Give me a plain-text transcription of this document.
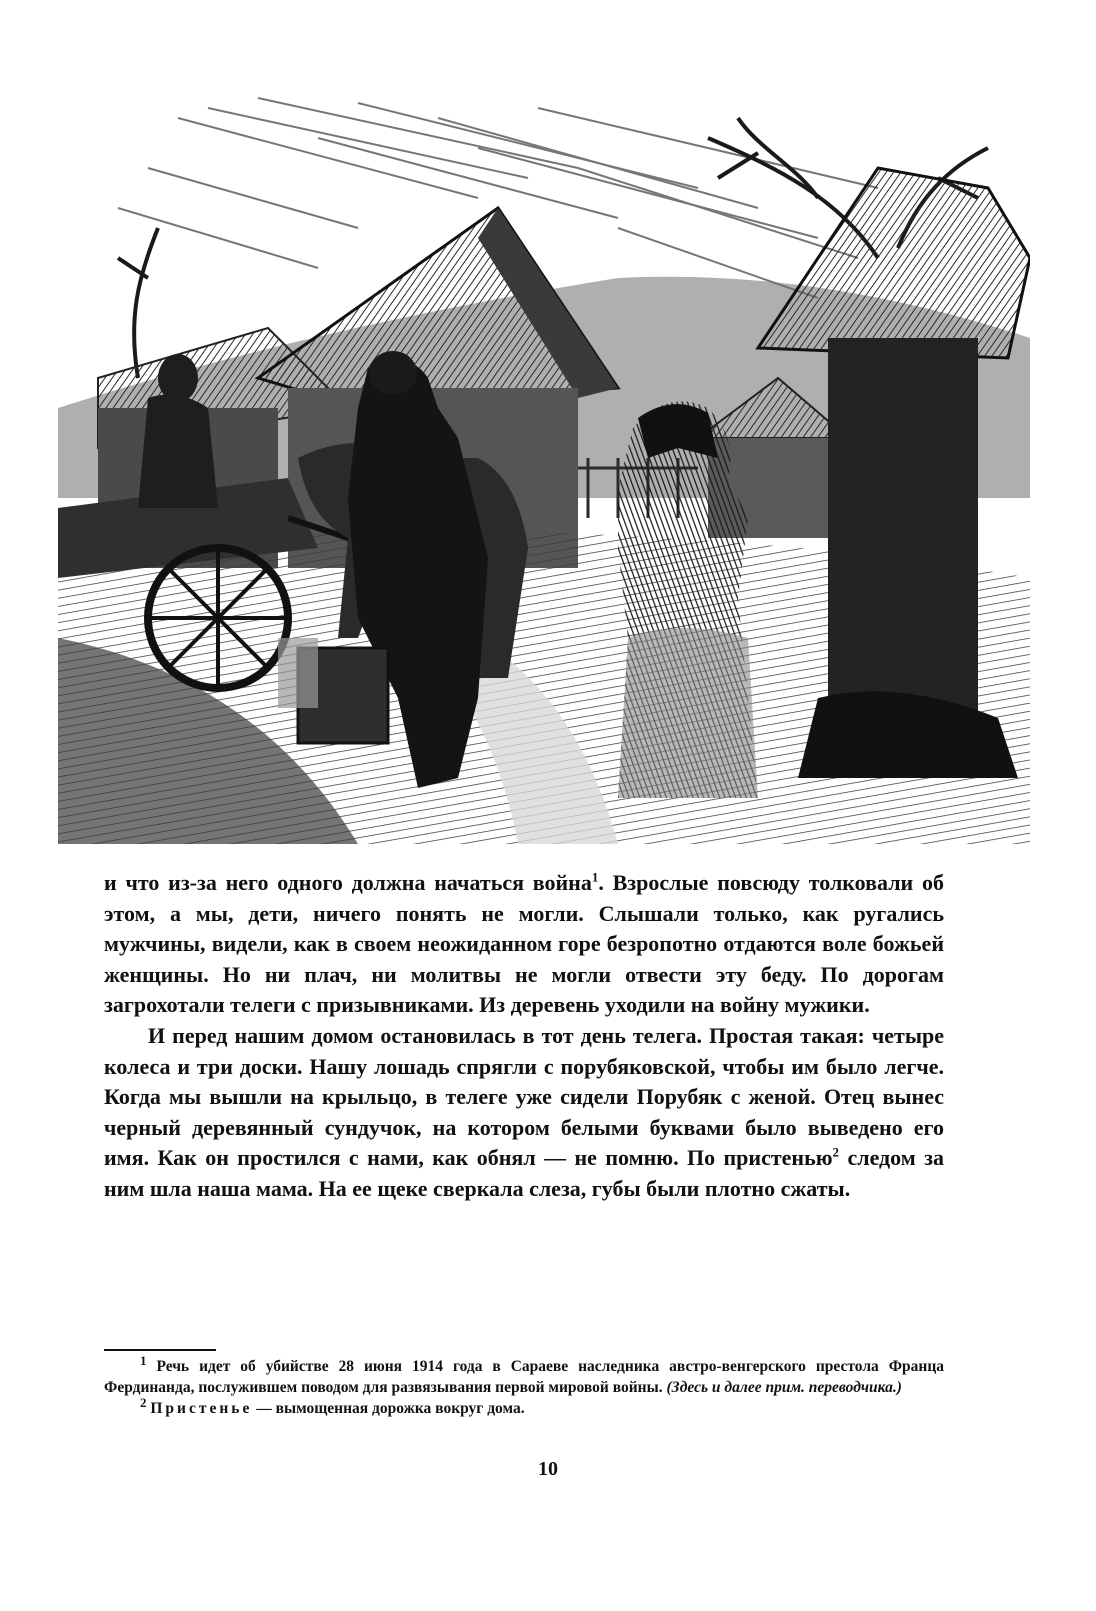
и что из-за него одного должна начаться война$^1$. Взрослые повсюду толковали об этом, а мы, дети, ничего понять не могли. Слышали только, как ругались мужчины, видели, как в своем неожиданном горе безропотно отдаются воле божьей женщины. Но ни плач, ни молитвы не могли отвести эту беду. По дорогам загрохотали телеги с призывниками. Из деревень уходили на войну мужики.

И перед нашим домом остановилась в тот день телега. Простая такая: четыре колеса и три доски. Нашу лошадь спрягли с порубяковской, чтобы им было легче. Когда мы вышли на крыльцо, в телеге уже сидели Порубяк с женой. Отец вынес черный деревянный сундучок, на котором белыми буквами было выведено его имя. Как он простился с нами, как обнял — не помню. По пристенью$^2$ следом за ним шла наша мама. На ее щеке сверкала слеза, губы были плотно сжаты.

$^1$ Речь идет об убийстве 28 июня 1914 года в Сараеве наследника австро-венгерского престола Франца Фердинанда, послужившем поводом для развязывания первой мировой войны. (Здесь и далее прим. переводчика.)

$^2$ Пристенье — вымощенная дорожка вокруг дома.

10
